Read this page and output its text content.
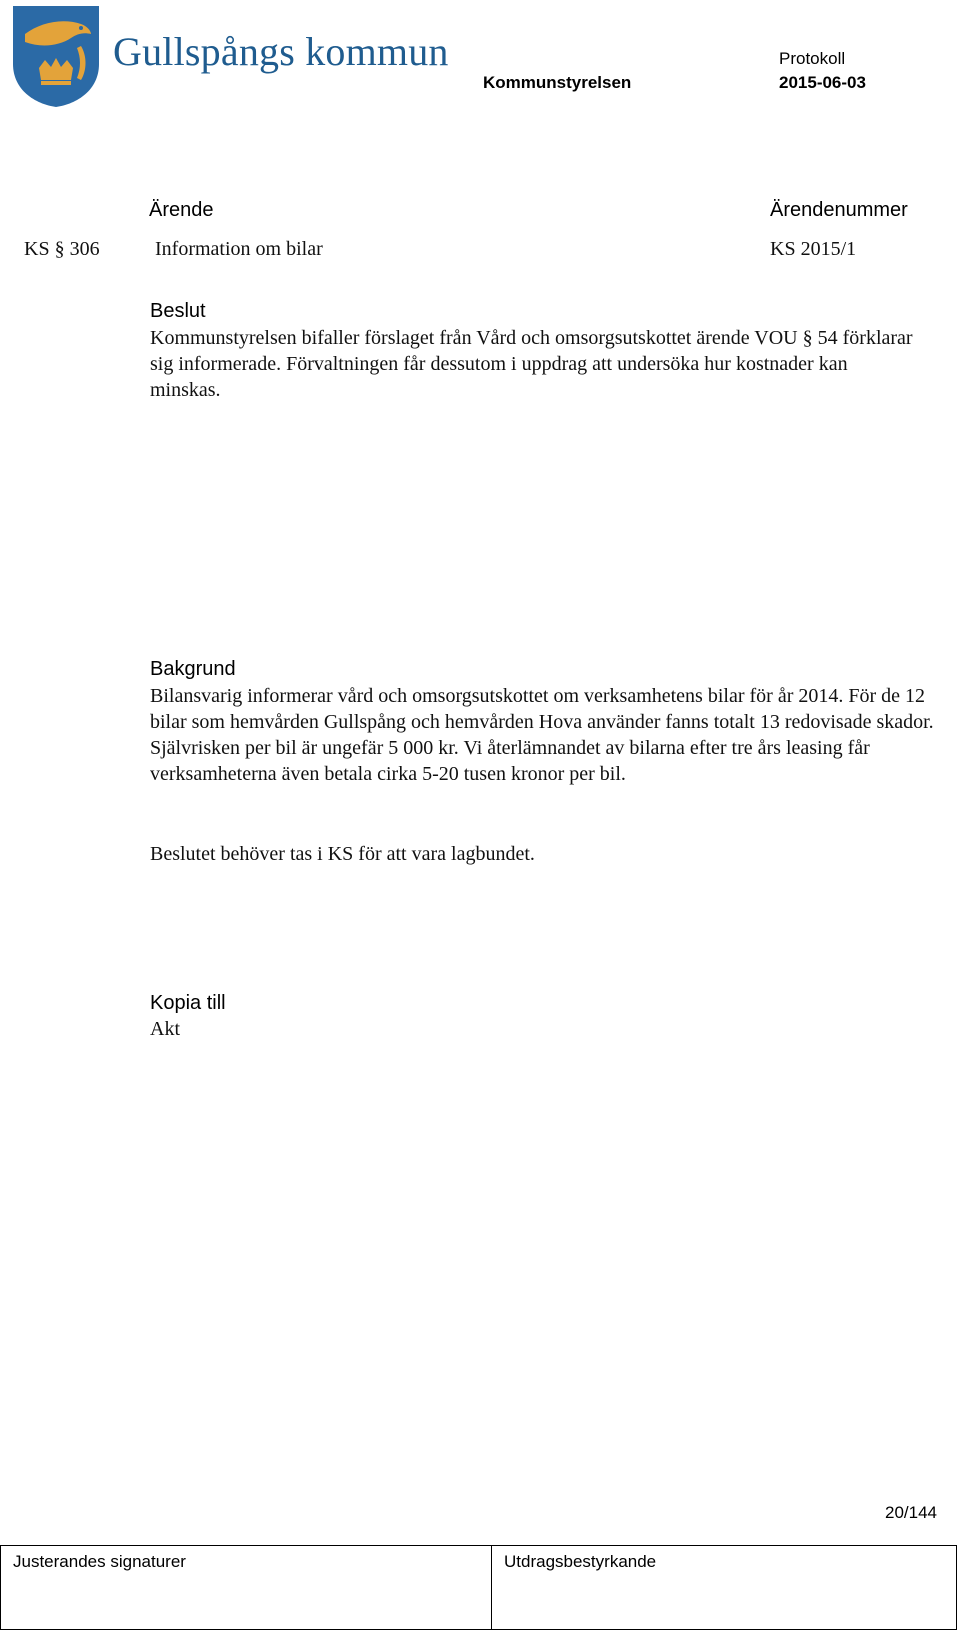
Gullspångs kommun	Protokoll
Kommunstyrelsen	2015-06-03
Ärende	Ärendenummer
KS § 306	Information om bilar	KS 2015/1
Beslut
Kommunstyrelsen bifaller förslaget från Vård och omsorgsutskottet ärende VOU § 54 förklarar sig informerade. Förvaltningen får dessutom i uppdrag att undersöka hur kostnader kan minskas.
Bakgrund
Bilansvarig informerar vård och omsorgsutskottet om verksamhetens bilar för år 2014. För de 12 bilar som hemvården Gullspång och hemvården Hova använder fanns totalt 13 redovisade skador. Självrisken per bil är ungefär 5 000 kr. Vi återlämnandet av bilarna efter tre års leasing får verksamheterna även betala cirka 5-20 tusen kronor per bil.
Beslutet behöver tas i KS för att vara lagbundet.
Kopia till
Akt
20/144
Justerandes signaturer	Utdragsbestyrkande
